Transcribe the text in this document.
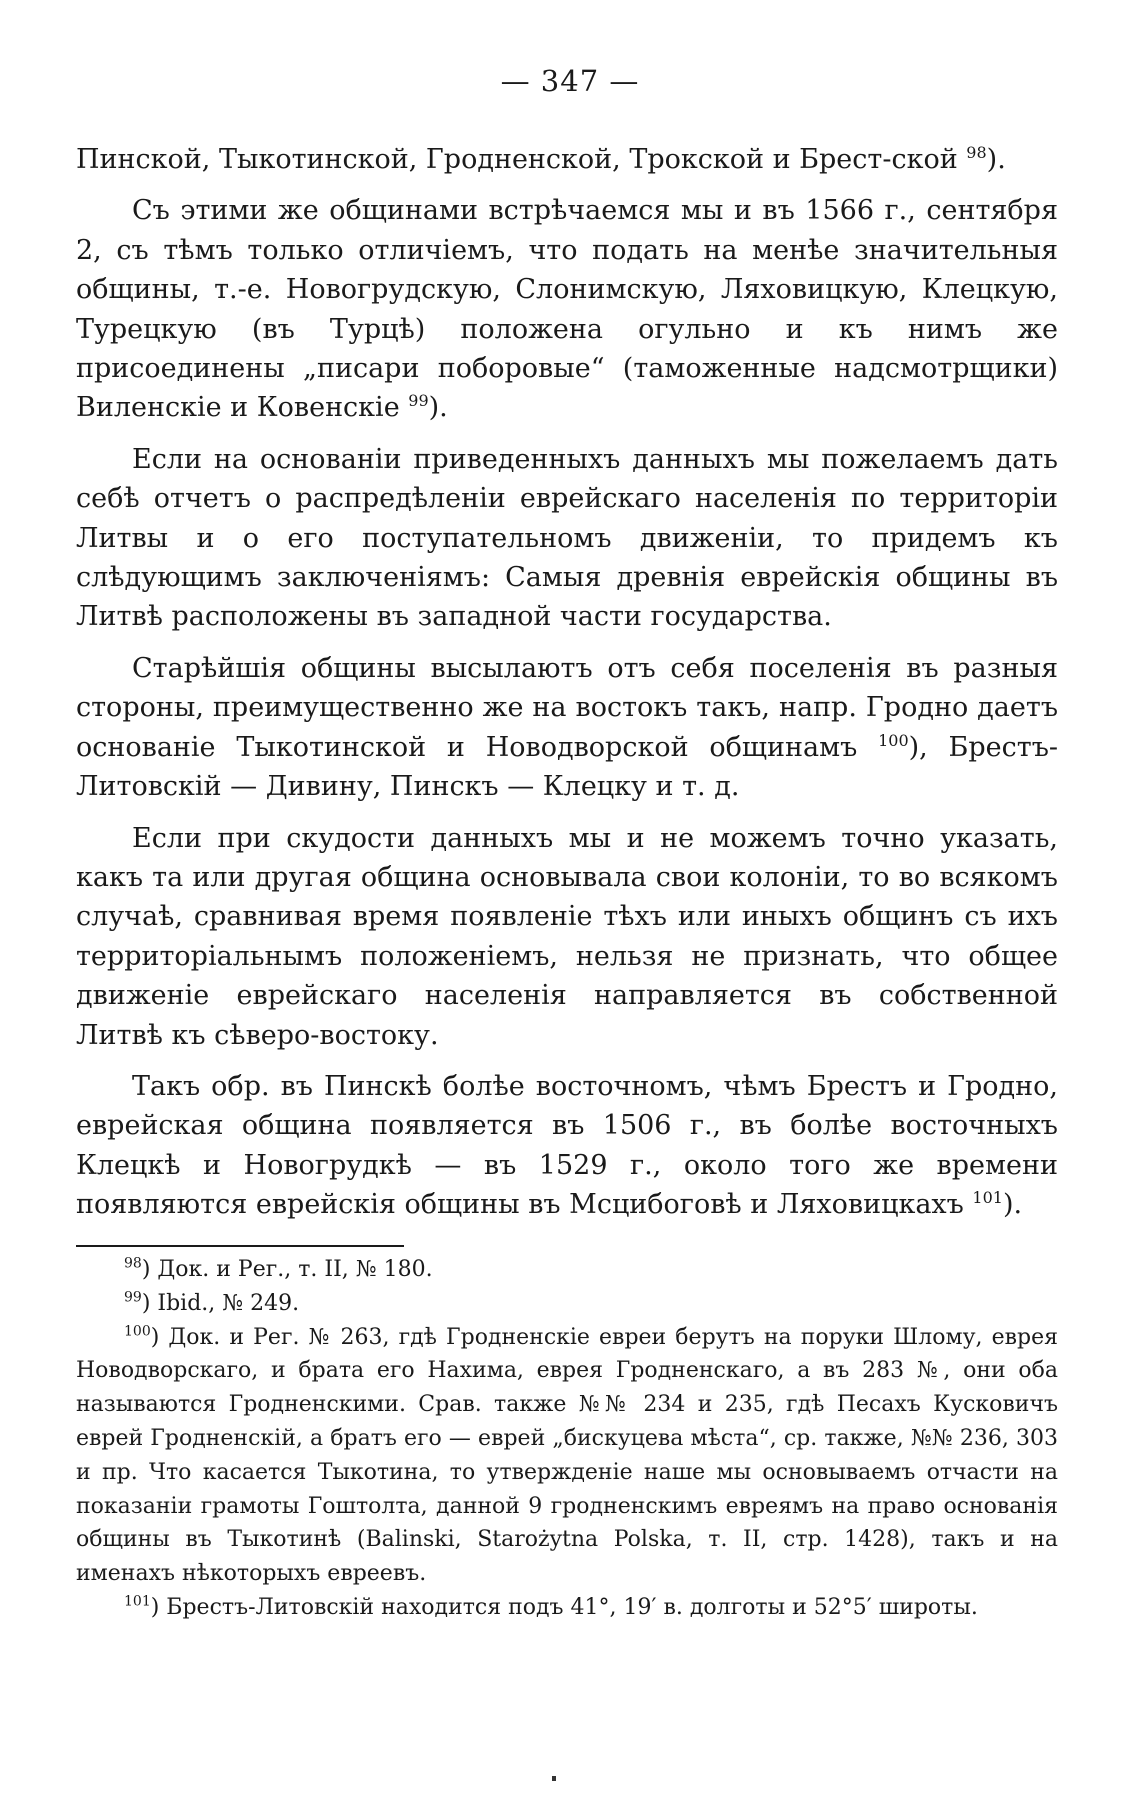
— 347 —

Пинской, Тыкотинской, Гродненской, Трокской и Брест-ской $^{98}$).

Съ этими же общинами встрѣчаемся мы и въ 1566 г., сентября 2, съ тѣмъ только отличіемъ, что подать на менѣе значительныя общины, т.-е. Новогрудскую, Слонимскую, Ляховицкую, Клецкую, Турецкую (въ Турцѣ) положена огульно и къ нимъ же присоединены „писари поборовые“ (таможенные надсмотрщики) Виленскіе и Ковенскіе $^{99}$).

Если на основаніи приведенныхъ данныхъ мы пожелаемъ дать себѣ отчетъ о распредѣленіи еврейскаго населенія по территоріи Литвы и о его поступательномъ движеніи, то придемъ къ слѣдующимъ заключеніямъ: Самыя древнія еврейскія общины въ Литвѣ расположены въ западной части государства.

Старѣйшія общины высылаютъ отъ себя поселенія въ разныя стороны, преимущественно же на востокъ такъ, напр. Гродно даетъ основаніе Тыкотинской и Новодворской общинамъ $^{100}$), Брестъ-Литовскій — Дивину, Пинскъ — Клецку и т. д.

Если при скудости данныхъ мы и не можемъ точно указать, какъ та или другая община основывала свои колоніи, то во всякомъ случаѣ, сравнивая время появленіе тѣхъ или иныхъ общинъ съ ихъ территоріальнымъ положеніемъ, нельзя не признать, что общее движеніе еврейскаго населенія направляется въ собственной Литвѣ къ сѣверо-востоку.

Такъ обр. въ Пинскѣ болѣе восточномъ, чѣмъ Брестъ и Гродно, еврейская община появляется въ 1506 г., въ болѣе восточныхъ Клецкѣ и Новогрудкѣ — въ 1529 г., около того же времени появляются еврейскія общины въ Мсцибоговѣ и Ляховицкахъ $^{101}$).

$^{98}$) Док. и Рег., т. II, № 180.

$^{99}$) Ibid., № 249.

$^{100}$) Док. и Рег. № 263, гдѣ Гродненскіе евреи берутъ на поруки Шлому, еврея Новодворскаго, и брата его Нахима, еврея Гродненскаго, а въ 283 №, они оба называются Гродненскими. Срав. также №№ 234 и 235, гдѣ Песахъ Кусковичъ еврей Гродненскій, а братъ его — еврей „бискуцева мѣста“, ср. также, №№ 236, 303 и пр. Что касается Тыкотина, то утвержденіе наше мы основываемъ отчасти на показаніи грамоты Гоштолта, данной 9 гродненскимъ евреямъ на право основанія общины въ Тыкотинѣ (Balinski, Starożytna Polska, т. II, стр. 1428), такъ и на именахъ нѣкоторыхъ евреевъ.

$^{101}$) Брестъ-Литовскій находится подъ 41°, 19′ в. долготы и 52°5′ широты.
